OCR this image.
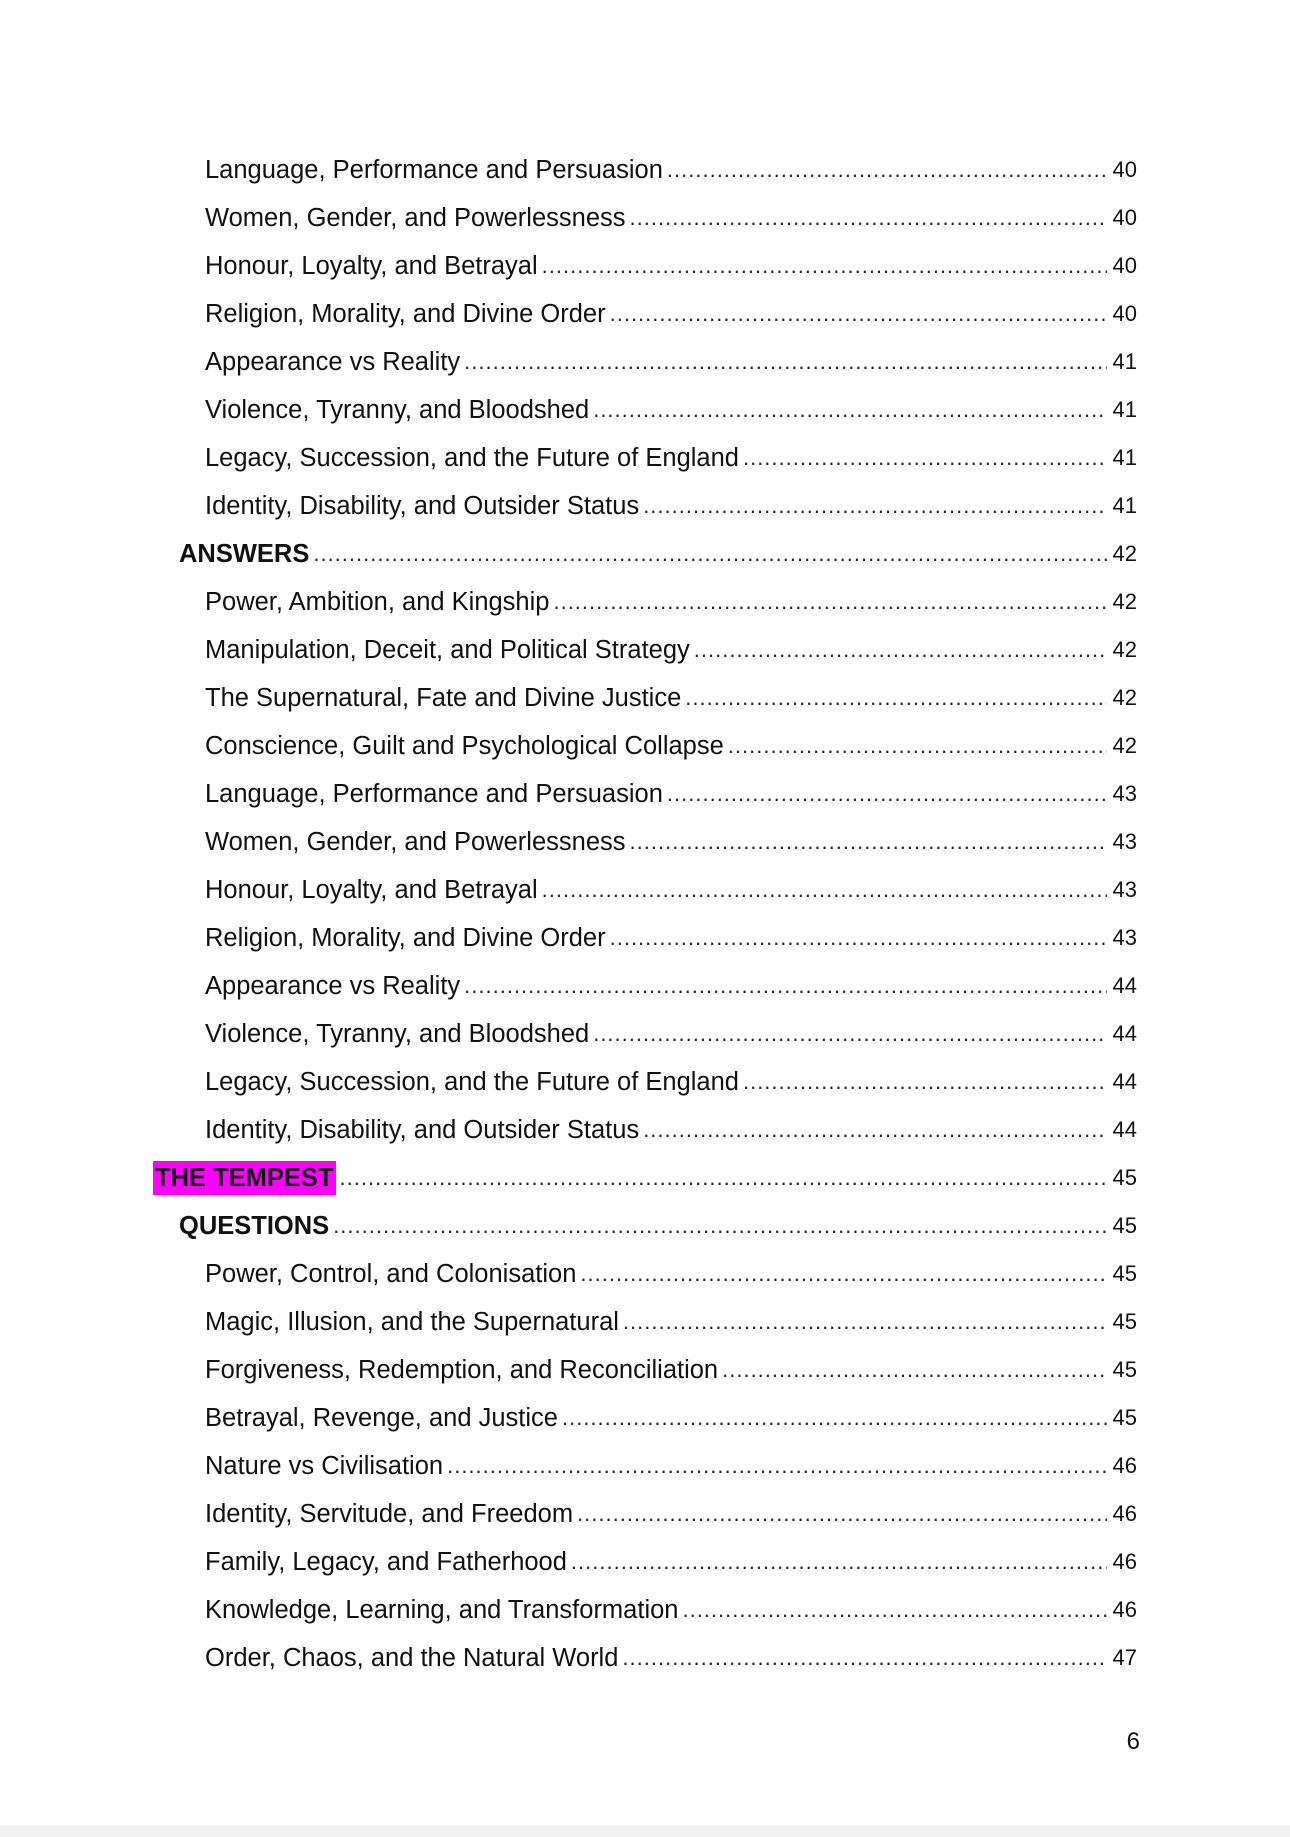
Language, Performance and Persuasion .....	40
Women, Gender, and Powerlessness .....	40
Honour, Loyalty, and Betrayal .....	40
Religion, Morality, and Divine Order .....	40
Appearance vs Reality .....	41
Violence, Tyranny, and Bloodshed .....	41
Legacy, Succession, and the Future of England .....	41
Identity, Disability, and Outsider Status .....	41
ANSWERS .....	42
Power, Ambition, and Kingship .....	42
Manipulation, Deceit, and Political Strategy .....	42
The Supernatural, Fate and Divine Justice .....	42
Conscience, Guilt and Psychological Collapse .....	42
Language, Performance and Persuasion .....	43
Women, Gender, and Powerlessness .....	43
Honour, Loyalty, and Betrayal .....	43
Religion, Morality, and Divine Order .....	43
Appearance vs Reality .....	44
Violence, Tyranny, and Bloodshed .....	44
Legacy, Succession, and the Future of England .....	44
Identity, Disability, and Outsider Status .....	44
THE TEMPEST .....	45
QUESTIONS .....	45
Power, Control, and Colonisation .....	45
Magic, Illusion, and the Supernatural .....	45
Forgiveness, Redemption, and Reconciliation .....	45
Betrayal, Revenge, and Justice .....	45
Nature vs Civilisation .....	46
Identity, Servitude, and Freedom .....	46
Family, Legacy, and Fatherhood .....	46
Knowledge, Learning, and Transformation .....	46
Order, Chaos, and the Natural World .....	47
6
